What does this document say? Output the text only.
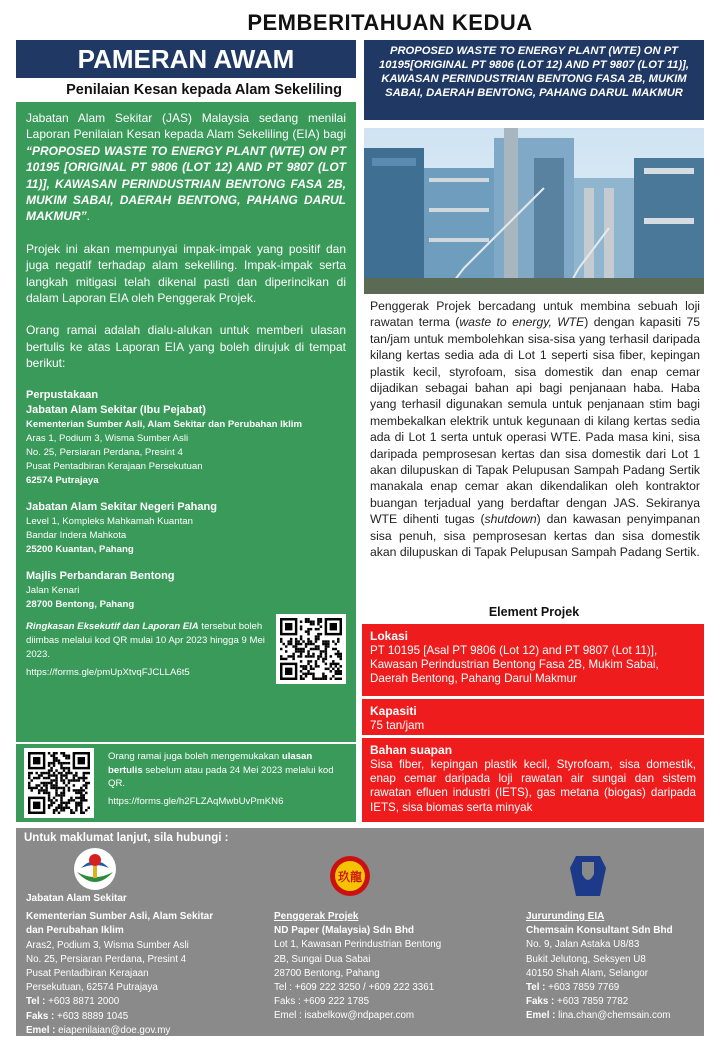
PEMBERITAHUAN KEDUA
PAMERAN AWAM
Penilaian Kesan kepada Alam Sekeliling

Jabatan Alam Sekitar (JAS) Malaysia sedang menilai Laporan Penilaian Kesan kepada Alam Sekeliling (EIA) bagi “PROPOSED WASTE TO ENERGY PLANT (WTE) ON PT 10195 [ORIGINAL PT 9806 (LOT 12) AND PT 9807 (LOT 11)], KAWASAN PERINDUSTRIAN BENTONG FASA 2B, MUKIM SABAI, DAERAH BENTONG, PAHANG DARUL MAKMUR”.

Projek ini akan mempunyai impak-impak yang positif dan juga negatif terhadap alam sekeliling. Impak-impak serta langkah mitigasi telah dikenal pasti dan diperincikan di dalam Laporan EIA oleh Penggerak Projek.

Orang ramai adalah dialu-alukan untuk memberi ulasan bertulis ke atas Laporan EIA yang boleh dirujuk di tempat berikut:

Perpustakaan
Jabatan Alam Sekitar (Ibu Pejabat)
Kementerian Sumber Asli, Alam Sekitar dan Perubahan Iklim
Aras 1, Podium 3, Wisma Sumber Asli
No. 25, Persiaran Perdana, Presint 4
Pusat Pentadbiran Kerajaan Persekutuan
62574 Putrajaya
Jabatan Alam Sekitar Negeri Pahang
Level 1, Kompleks Mahkamah Kuantan
Bandar Indera Mahkota
25200 Kuantan, Pahang
Majlis Perbandaran Bentong
Jalan Kenari
28700 Bentong, Pahang
Ringkasan Eksekutif dan Laporan EIA tersebut boleh diimbas melalui kod QR mulai 10 Apr 2023 hingga 9 Mei 2023.
https://forms.gle/pmUpXtvqFJCLLA6t5
Orang ramai juga boleh mengemukakan ulasan bertulis sebelum atau pada 24 Mei 2023 melalui kod QR.
https://forms.gle/h2FLZAqMwbUvPmKN6
PROPOSED WASTE TO ENERGY PLANT (WTE) ON PT 10195[ORIGINAL PT 9806 (LOT 12) AND PT 9807 (LOT 11)], KAWASAN PERINDUSTRIAN BENTONG FASA 2B, MUKIM SABAI, DAERAH BENTONG, PAHANG DARUL MAKMUR
Penggerak Projek bercadang untuk membina sebuah loji rawatan terma (waste to energy, WTE) dengan kapasiti 75 tan/jam untuk membolehkan sisa-sisa yang terhasil daripada kilang kertas sedia ada di Lot 1 seperti sisa fiber, kepingan plastik kecil, styrofoam, sisa domestik dan enap cemar dijadikan sebagai bahan api bagi penjanaan haba. Haba yang terhasil digunakan semula untuk penjanaan stim bagi membekalkan elektrik untuk kegunaan di kilang kertas sedia ada di Lot 1 serta untuk operasi WTE. Pada masa kini, sisa daripada pemprosesan kertas dan sisa domestik dari Lot 1 akan dilupuskan di Tapak Pelupusan Sampah Padang Sertik manakala enap cemar akan dikendalikan oleh kontraktor buangan terjadual yang berdaftar dengan JAS. Sekiranya WTE dihenti tugas (shutdown) dan kawasan penyimpanan sisa penuh, sisa pemprosesan kertas dan sisa domestik akan dilupuskan di Tapak Pelupusan Sampah Padang Sertik.
Element Projek
Lokasi
PT 10195 [Asal PT 9806 (Lot 12) and PT 9807 (Lot 11)], Kawasan Perindustrian Bentong Fasa 2B, Mukim Sabai, Daerah Bentong, Pahang Darul Makmur
Kapasiti
75 tan/jam
Bahan suapan
Sisa fiber, kepingan plastik kecil, Styrofoam, sisa domestik, enap cemar daripada loji rawatan air sungai dan sistem rawatan efluen industri (IETS), gas metana (biogas) daripada IETS, sisa biomas serta minyak
Untuk maklumat lanjut, sila hubungi :
Jabatan Alam Sekitar
Kementerian Sumber Asli, Alam Sekitar dan Perubahan Iklim
Aras2, Podium 3, Wisma Sumber Asli
No. 25, Persiaran Perdana, Presint 4
Pusat Pentadbiran Kerajaan
Persekutuan, 62574 Putrajaya
Tel : +603 8871 2000
Faks : +603 8889 1045
Emel : eiapenilaian@doe.gov.my
玖龍
Penggerak Projek
ND Paper (Malaysia) Sdn Bhd
Lot 1, Kawasan Perindustrian Bentong
2B, Sungai Dua Sabai
28700 Bentong, Pahang
Tel : +609 222 3250 / +609 222 3361
Faks : +609 222 1785
Emel : isabelkow@ndpaper.com
Jururunding EIA
Chemsain Konsultant Sdn Bhd
No. 9, Jalan Astaka U8/83
Bukit Jelutong, Seksyen U8
40150 Shah Alam, Selangor
Tel : +603 7859 7769
Faks : +603 7859 7782
Emel : lina.chan@chemsain.com
